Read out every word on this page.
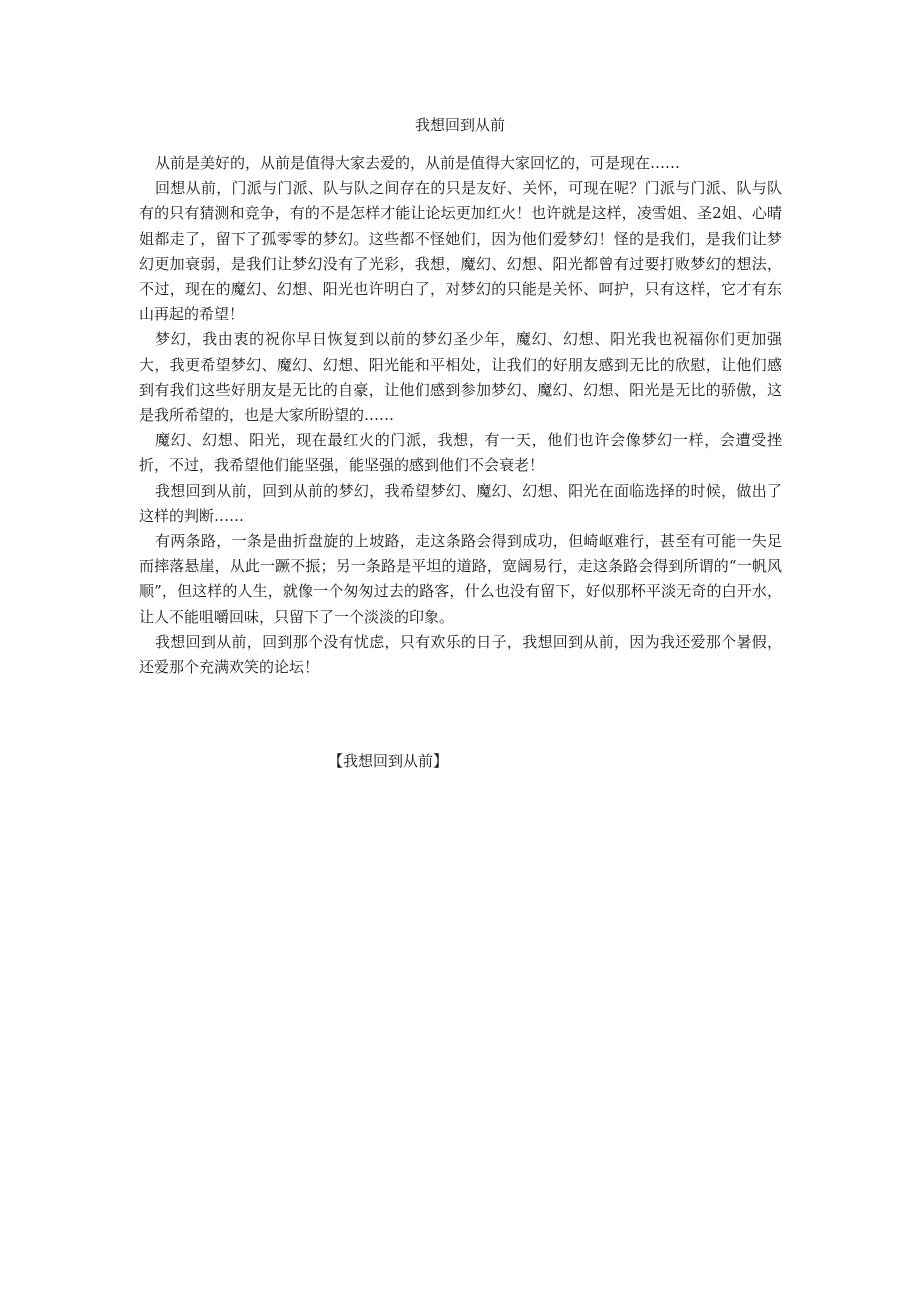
我想回到从前

从前是美好的，从前是值得大家去爱的，从前是值得大家回忆的，可是现在……

回想从前，门派与门派、队与队之间存在的只是友好、关怀，可现在呢？门派与门派、队与队有的只有猜测和竞争，有的不是怎样才能让论坛更加红火！也许就是这样，凌雪姐、圣2姐、心晴姐都走了，留下了孤零零的梦幻。这些都不怪她们，因为他们爱梦幻！怪的是我们，是我们让梦幻更加衰弱，是我们让梦幻没有了光彩，我想，魔幻、幻想、阳光都曾有过要打败梦幻的想法，不过，现在的魔幻、幻想、阳光也许明白了，对梦幻的只能是关怀、呵护，只有这样，它才有东山再起的希望！

梦幻，我由衷的祝你早日恢复到以前的梦幻圣少年，魔幻、幻想、阳光我也祝福你们更加强大，我更希望梦幻、魔幻、幻想、阳光能和平相处，让我们的好朋友感到无比的欣慰，让他们感到有我们这些好朋友是无比的自豪，让他们感到参加梦幻、魔幻、幻想、阳光是无比的骄傲，这是我所希望的，也是大家所盼望的……

魔幻、幻想、阳光，现在最红火的门派，我想，有一天，他们也许会像梦幻一样，会遭受挫折，不过，我希望他们能坚强，能坚强的感到他们不会衰老！

我想回到从前，回到从前的梦幻，我希望梦幻、魔幻、幻想、阳光在面临选择的时候，做出了这样的判断……

有两条路，一条是曲折盘旋的上坡路，走这条路会得到成功，但崎岖难行，甚至有可能一失足而摔落悬崖，从此一蹶不振；另一条路是平坦的道路，宽阔易行，走这条路会得到所谓的“一帆风顺”，但这样的人生，就像一个匆匆过去的路客，什么也没有留下，好似那杯平淡无奇的白开水，让人不能咀嚼回味，只留下了一个淡淡的印象。

我想回到从前，回到那个没有忧虑，只有欢乐的日子，我想回到从前，因为我还爱那个暑假，还爱那个充满欢笑的论坛！

【我想回到从前】
